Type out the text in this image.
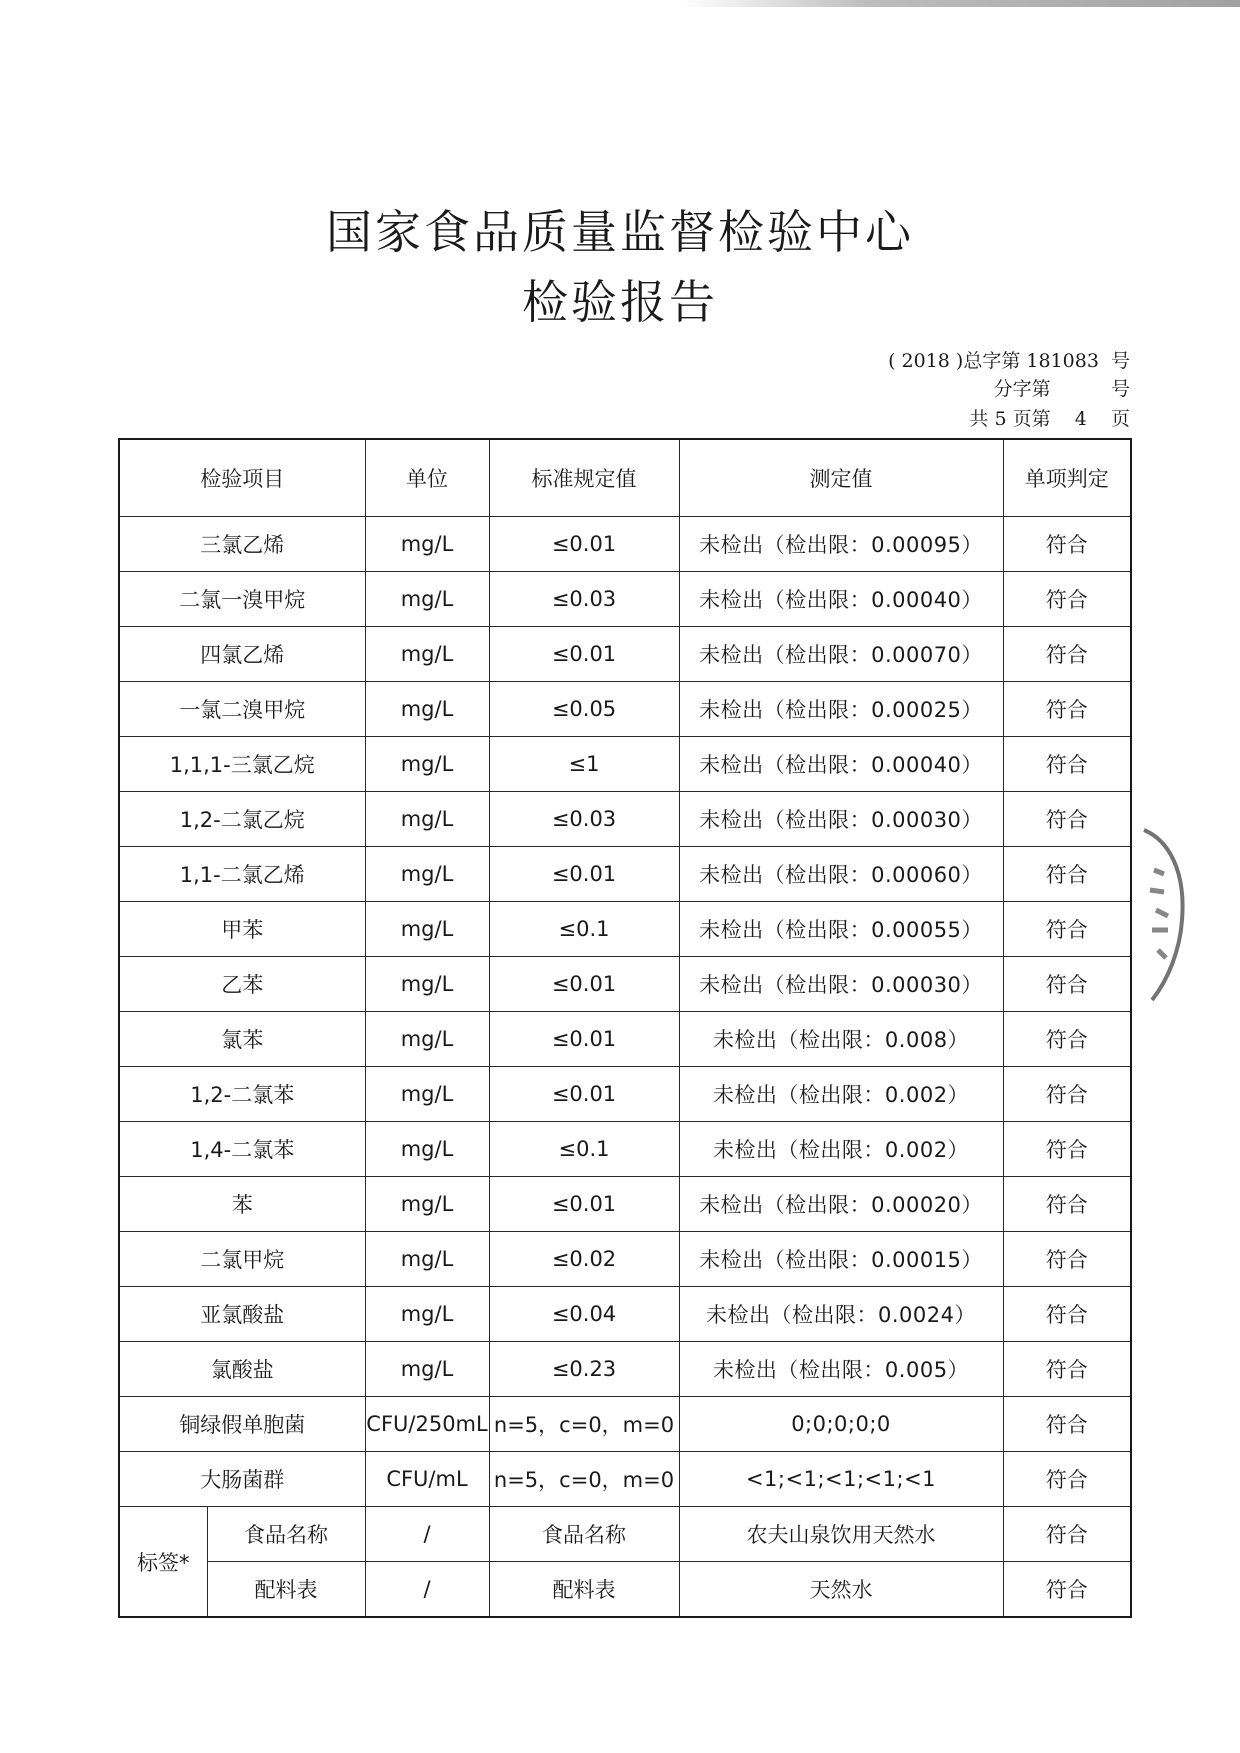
国家食品质量监督检验中心
检验报告
( 2018 )总字第 181083  号
分字第          号
共 5 页第    4    页
检验项目		单位	标准规定值	测定值	单项判定
三氯乙烯		mg/L	≤0.01	未检出（检出限：0.00095）	符合
二氯一溴甲烷		mg/L	≤0.03	未检出（检出限：0.00040）	符合
四氯乙烯		mg/L	≤0.01	未检出（检出限：0.00070）	符合
一氯二溴甲烷		mg/L	≤0.05	未检出（检出限：0.00025）	符合
1,1,1-三氯乙烷		mg/L	≤1	未检出（检出限：0.00040）	符合
1,2-二氯乙烷		mg/L	≤0.03	未检出（检出限：0.00030）	符合
1,1-二氯乙烯		mg/L	≤0.01	未检出（检出限：0.00060）	符合
甲苯		mg/L	≤0.1	未检出（检出限：0.00055）	符合
乙苯		mg/L	≤0.01	未检出（检出限：0.00030）	符合
氯苯		mg/L	≤0.01	未检出（检出限：0.008）	符合
1,2-二氯苯		mg/L	≤0.01	未检出（检出限：0.002）	符合
1,4-二氯苯		mg/L	≤0.1	未检出（检出限：0.002）	符合
苯		mg/L	≤0.01	未检出（检出限：0.00020）	符合
二氯甲烷		mg/L	≤0.02	未检出（检出限：0.00015）	符合
亚氯酸盐		mg/L	≤0.04	未检出（检出限：0.0024）	符合
氯酸盐		mg/L	≤0.23	未检出（检出限：0.005）	符合
铜绿假单胞菌		CFU/250mL	n=5，c=0，m=0	0;0;0;0;0	符合
大肠菌群		CFU/mL	n=5，c=0，m=0	<1;<1;<1;<1;<1	符合
标签*	食品名称	/	食品名称	农夫山泉饮用天然水	符合
	配料表	/	配料表	天然水	符合
